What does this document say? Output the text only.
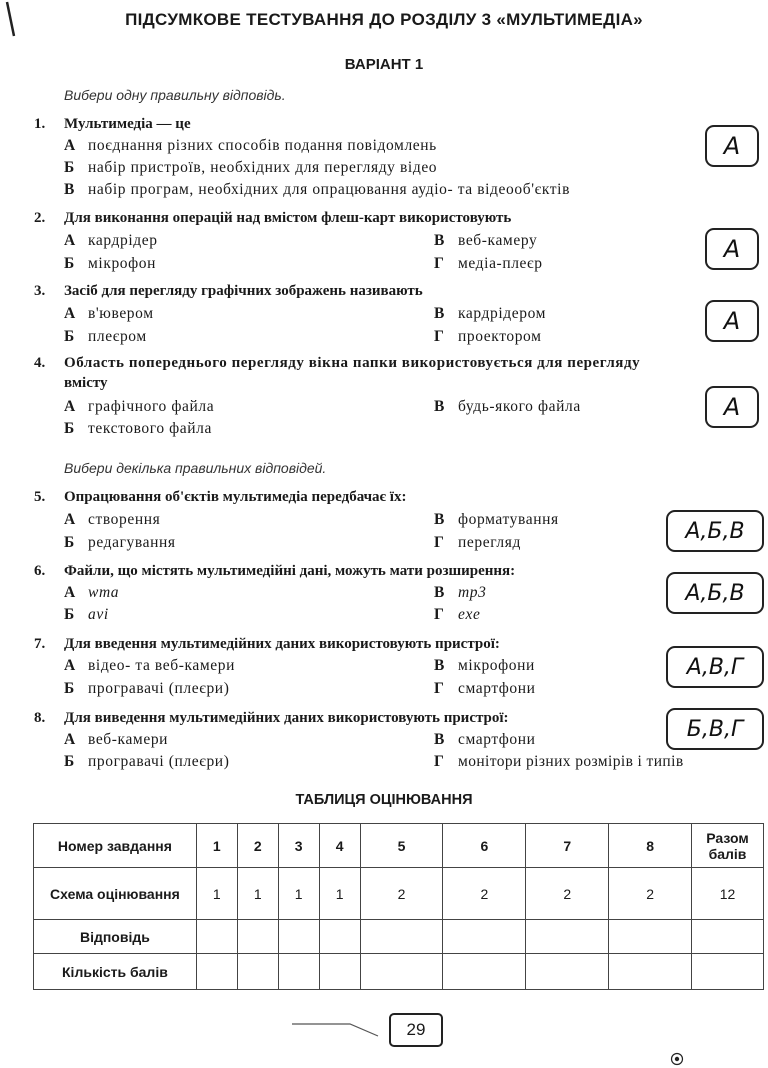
ПІДСУМКОВЕ ТЕСТУВАННЯ ДО РОЗДІЛУ 3 «МУЛЬТИМЕДІА»
ВАРІАНТ 1
Вибери одну правильну відповідь.
1.	Мультимедіа — це
А поєднання різних способів подання повідомлень
Б набір пристроїв, необхідних для перегляду відео
В набір програм, необхідних для опрацювання аудіо- та відеооб'єктів
А
2.	Для виконання операцій над вмістом флеш-карт використовують
А кардрідер	В веб-камеру
Б мікрофон	Г медіа-плеєр
А
3.	Засіб для перегляду графічних зображень називають
А в'ювером	В кардрідером
Б плеєром	Г проектором
А
4.	Область попереднього перегляду вікна папки використовується для перегляду
вмісту
А графічного файла	В будь-якого файла
Б текстового файла
А
Вибери декілька правильних відповідей.
5.	Опрацювання об'єктів мультимедіа передбачає їх:
А створення	В форматування
Б редагування	Г перегляд	А,Б,В
6.	Файли, що містять мультимедійні дані, можуть мати розширення:
А wma	В mp3
Б avi	Г exe
А,Б,В
7.	Для введення мультимедійних даних використовують пристрої:
А відео- та веб-камери	В мікрофони
Б програвачі (плеєри)	Г смартфони
А,В,Г
8.	Для виведення мультимедійних даних використовують пристрої:
А веб-камери	В смартфони
Б програвачі (плеєри)	Г монітори різних розмірів і типів
Б,В,Г
ТАБЛИЦЯ ОЦІНЮВАННЯ
Номер завдання	1	2	3	4	5	6	7	8	Разом балів
Схема оцінювання	1	1	1	1	2	2	2	2	12
Відповідь									
Кількість балів									
29
